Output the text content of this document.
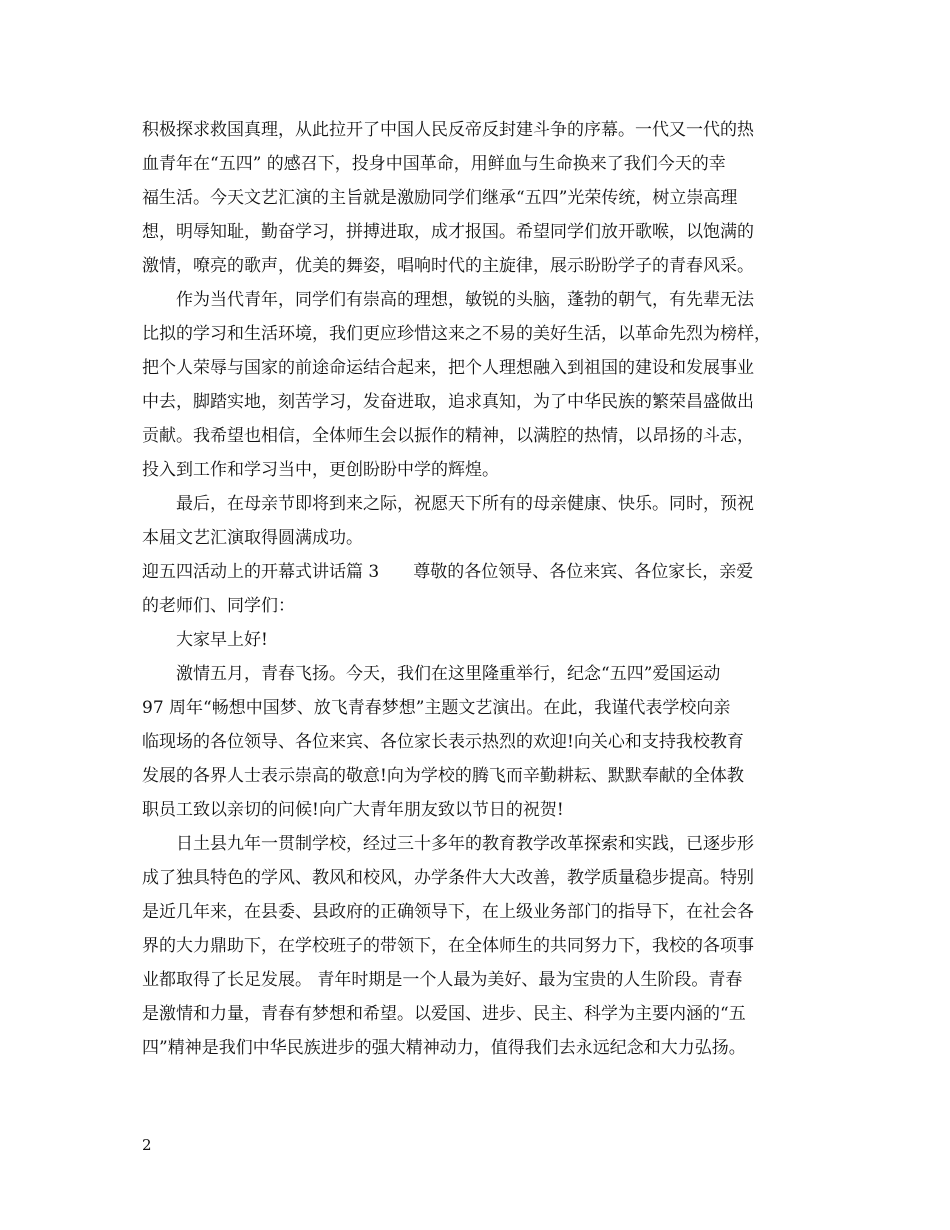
积极探求救国真理，从此拉开了中国人民反帝反封建斗争的序幕。一代又一代的热
血青年在“五四” 的感召下，投身中国革命，用鲜血与生命换来了我们今天的幸
福生活。今天文艺汇演的主旨就是激励同学们继承“五四”光荣传统，树立崇高理
想，明辱知耻，勤奋学习，拼搏进取，成才报国。希望同学们放开歌喉，以饱满的
激情，嘹亮的歌声，优美的舞姿，唱响时代的主旋律，展示盼盼学子的青春风采。
　　作为当代青年，同学们有崇高的理想，敏锐的头脑，蓬勃的朝气，有先辈无法
比拟的学习和生活环境，我们更应珍惜这来之不易的美好生活，以革命先烈为榜样，
把个人荣辱与国家的前途命运结合起来，把个人理想融入到祖国的建设和发展事业
中去，脚踏实地，刻苦学习，发奋进取，追求真知，为了中华民族的繁荣昌盛做出
贡献。我希望也相信，全体师生会以振作的精神，以满腔的热情，以昂扬的斗志，
投入到工作和学习当中，更创盼盼中学的辉煌。
　　最后，在母亲节即将到来之际，祝愿天下所有的母亲健康、快乐。同时，预祝
本届文艺汇演取得圆满成功。
迎五四活动上的开幕式讲话篇 3　　尊敬的各位领导、各位来宾、各位家长，亲爱
的老师们、同学们：
　　大家早上好!
　　激情五月，青春飞扬。今天，我们在这里隆重举行，纪念“五四”爱国运动
97 周年“畅想中国梦、放飞青春梦想”主题文艺演出。在此，我谨代表学校向亲
临现场的各位领导、各位来宾、各位家长表示热烈的欢迎!向关心和支持我校教育
发展的各界人士表示崇高的敬意!向为学校的腾飞而辛勤耕耘、默默奉献的全体教
职员工致以亲切的问候!向广大青年朋友致以节日的祝贺!
　　日土县九年一贯制学校，经过三十多年的教育教学改革探索和实践，已逐步形
成了独具特色的学风、教风和校风，办学条件大大改善，教学质量稳步提高。特别
是近几年来，在县委、县政府的正确领导下，在上级业务部门的指导下，在社会各
界的大力鼎助下，在学校班子的带领下，在全体师生的共同努力下，我校的各项事
业都取得了长足发展。 青年时期是一个人最为美好、最为宝贵的人生阶段。青春
是激情和力量，青春有梦想和希望。以爱国、进步、民主、科学为主要内涵的“五
四”精神是我们中华民族进步的强大精神动力，值得我们去永远纪念和大力弘扬。
2
